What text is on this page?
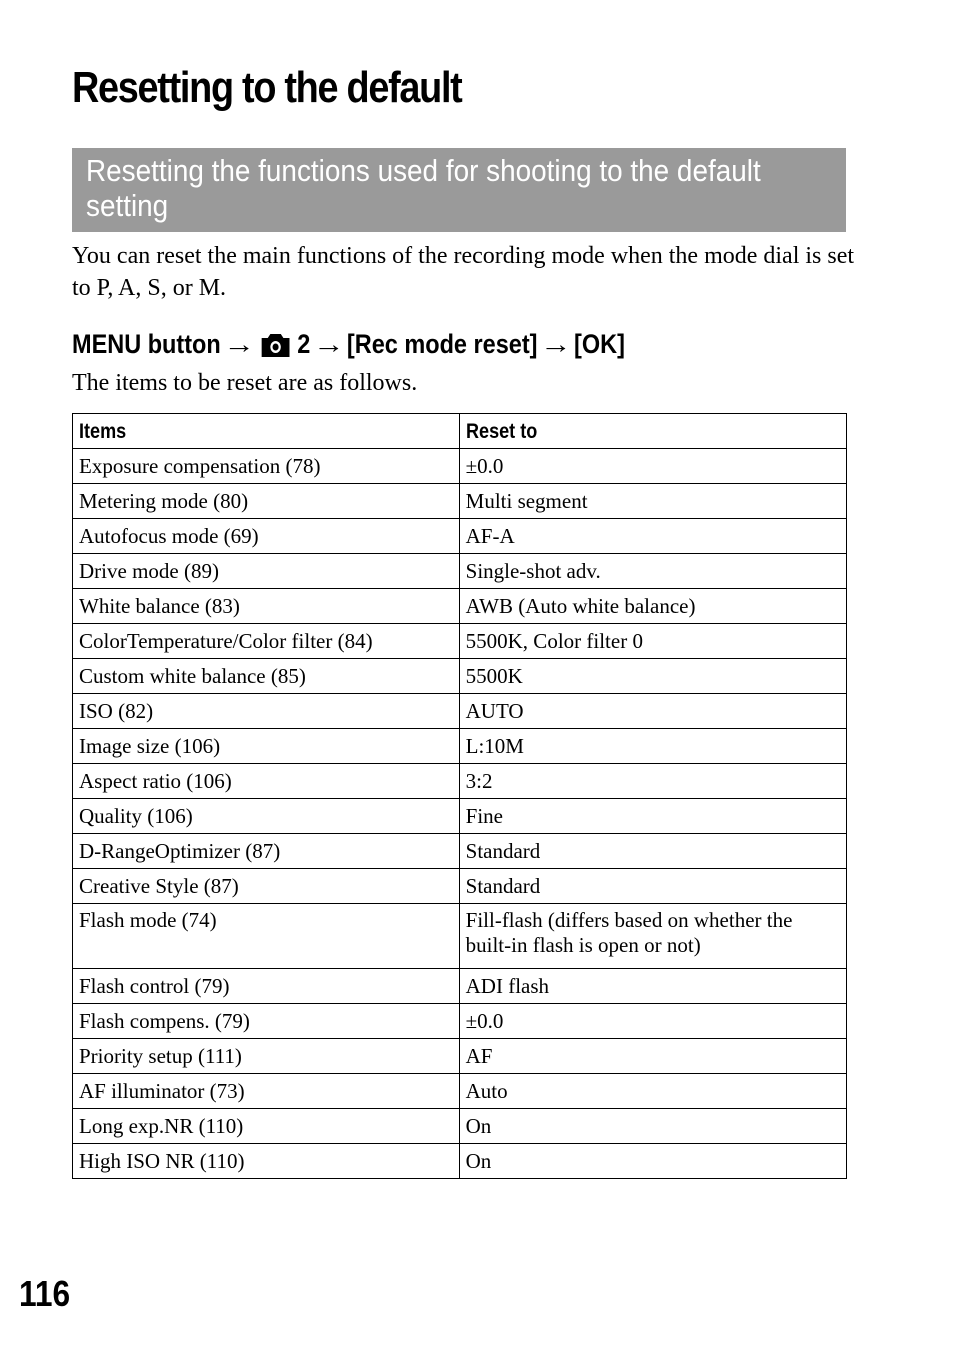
Resetting to the default
Resetting the functions used for shooting to the default setting

You can reset the main functions of the recording mode when the mode dial is set to P, A, S, or M.

MENU button → 2 → [Rec mode reset] → [OK]

The items to be reset are as follows.

Items	Reset to
Exposure compensation (78)	±0.0
Metering mode (80)	Multi segment
Autofocus mode (69)	AF-A
Drive mode (89)	Single-shot adv.
White balance (83)	AWB (Auto white balance)
ColorTemperature/Color filter (84)	5500K, Color filter 0
Custom white balance (85)	5500K
ISO (82)	AUTO
Image size (106)	L:10M
Aspect ratio (106)	3:2
Quality (106)	Fine
D-RangeOptimizer (87)	Standard
Creative Style (87)	Standard
Flash mode (74)	Fill-flash (differs based on whether the built-in flash is open or not)
Flash control (79)	ADI flash
Flash compens. (79)	±0.0
Priority setup (111)	AF
AF illuminator (73)	Auto
Long exp.NR (110)	On
High ISO NR (110)	On
116
